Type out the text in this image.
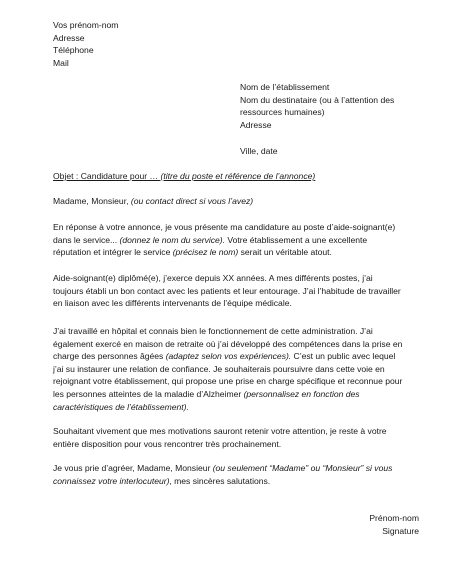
Vos prénom-nom
Adresse
Téléphone
Mail
Nom de l’établissement
Nom du destinataire (ou à l’attention des
ressources humaines)
Adresse
Ville, date
Objet : Candidature pour … (titre du poste et référence de l’annonce)
Madame, Monsieur, (ou contact direct si vous l’avez)
En réponse à votre annonce, je vous présente ma candidature au poste d’aide-soignant(e)
dans le service... (donnez le nom du service). Votre établissement a une excellente
réputation et intégrer le service (précisez le nom) serait un véritable atout.
Aide-soignant(e) diplômé(e), j’exerce depuis XX années. A mes différents postes, j’ai
toujours établi un bon contact avec les patients et leur entourage. J’ai l’habitude de travailler
en liaison avec les différents intervenants de l’équipe médicale.
J’ai travaillé en hôpital et connais bien le fonctionnement de cette administration. J’ai
également exercé en maison de retraite où j’ai développé des compétences dans la prise en
charge des personnes âgées (adaptez selon vos expériences). C’est un public avec lequel
j’ai su instaurer une relation de confiance. Je souhaiterais poursuivre dans cette voie en
rejoignant votre établissement, qui propose une prise en charge spécifique et reconnue pour
les personnes atteintes de la maladie d’Alzheimer (personnalisez en fonction des
caractéristiques de l’établissement).
Souhaitant vivement que mes motivations sauront retenir votre attention, je reste à votre
entière disposition pour vous rencontrer très prochainement.
Je vous prie d’agréer, Madame, Monsieur (ou seulement “Madame” ou “Monsieur” si vous
connaissez votre interlocuteur), mes sincères salutations.
Prénom-nom
Signature
